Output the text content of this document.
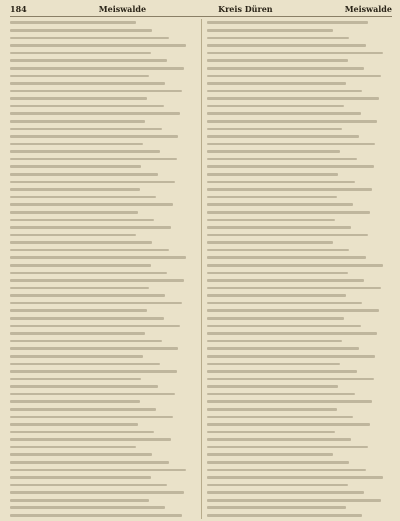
184	Meiswalde	Kreis Düren	Meiswalde
